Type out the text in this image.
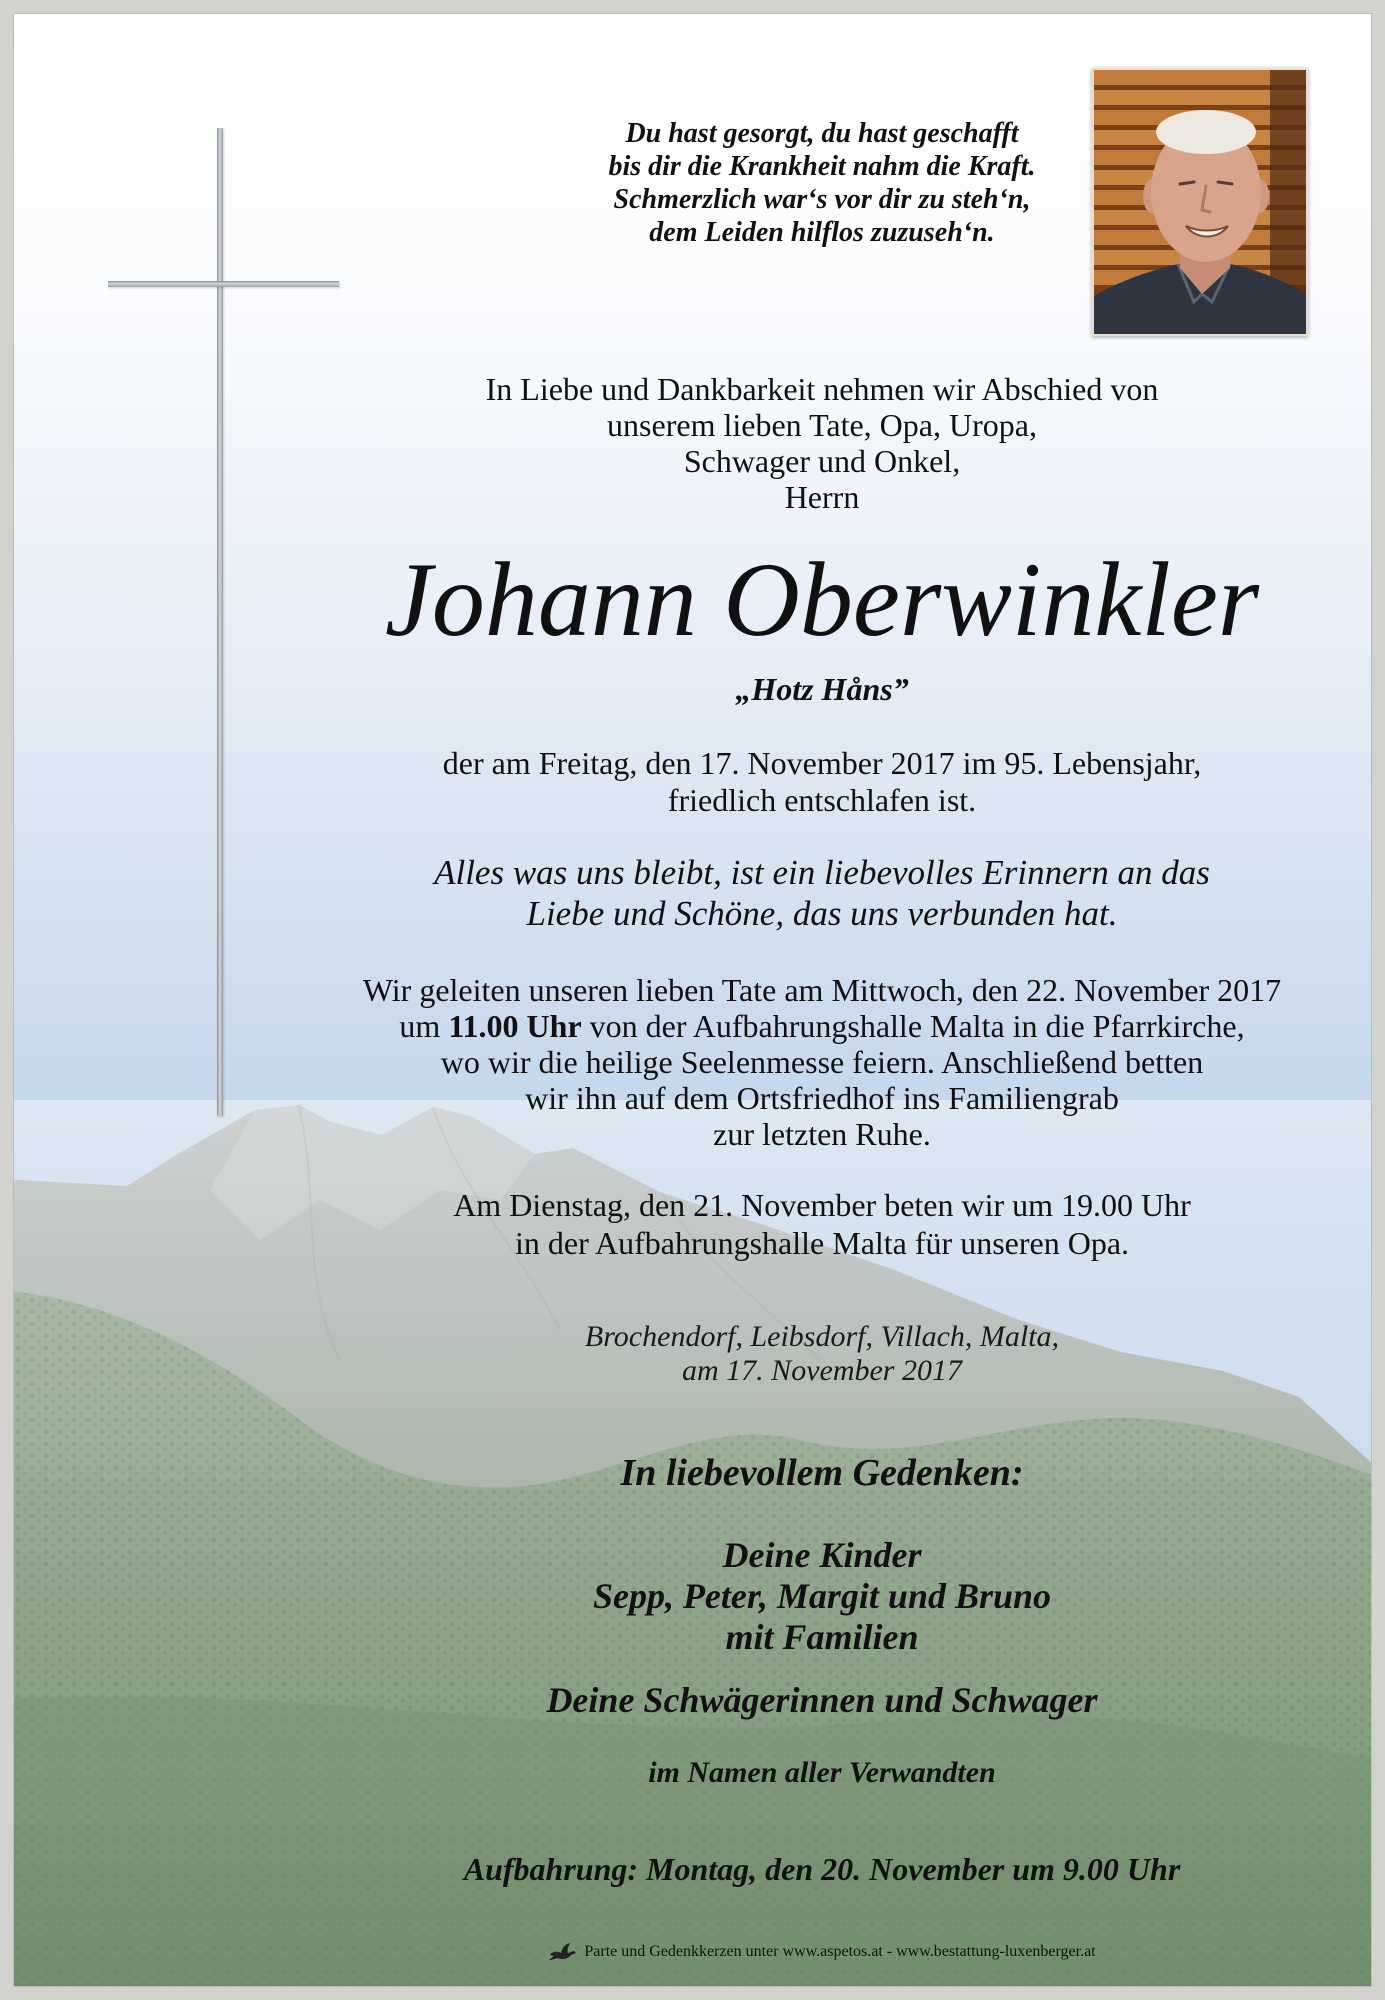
Du hast gesorgt, du hast geschafft
bis dir die Krankheit nahm die Kraft.
Schmerzlich war‘s vor dir zu steh‘n,
dem Leiden hilflos zuzuseh‘n.
In Liebe und Dankbarkeit nehmen wir Abschied von
unserem lieben Tate, Opa, Uropa,
Schwager und Onkel,
Herrn
Johann Oberwinkler
„Hotz Håns”
der am Freitag, den 17. November 2017 im 95. Lebensjahr,
friedlich entschlafen ist.
Alles was uns bleibt, ist ein liebevolles Erinnern an das
Liebe und Schöne, das uns verbunden hat.
Wir geleiten unseren lieben Tate am Mittwoch, den 22. November 2017
um 11.00 Uhr von der Aufbahrungshalle Malta in die Pfarrkirche,
wo wir die heilige Seelenmesse feiern. Anschließend betten
wir ihn auf dem Ortsfriedhof ins Familiengrab
zur letzten Ruhe.
Am Dienstag, den 21. November beten wir um 19.00 Uhr
in der Aufbahrungshalle Malta für unseren Opa.
Brochendorf, Leibsdorf, Villach, Malta,
am 17. November 2017
In liebevollem Gedenken:
Deine Kinder
Sepp, Peter, Margit und Bruno
mit Familien
Deine Schwägerinnen und Schwager
im Namen aller Verwandten
Aufbahrung: Montag, den 20. November um 9.00 Uhr
Parte und Gedenkkerzen unter www.aspetos.at - www.bestattung-luxenberger.at
